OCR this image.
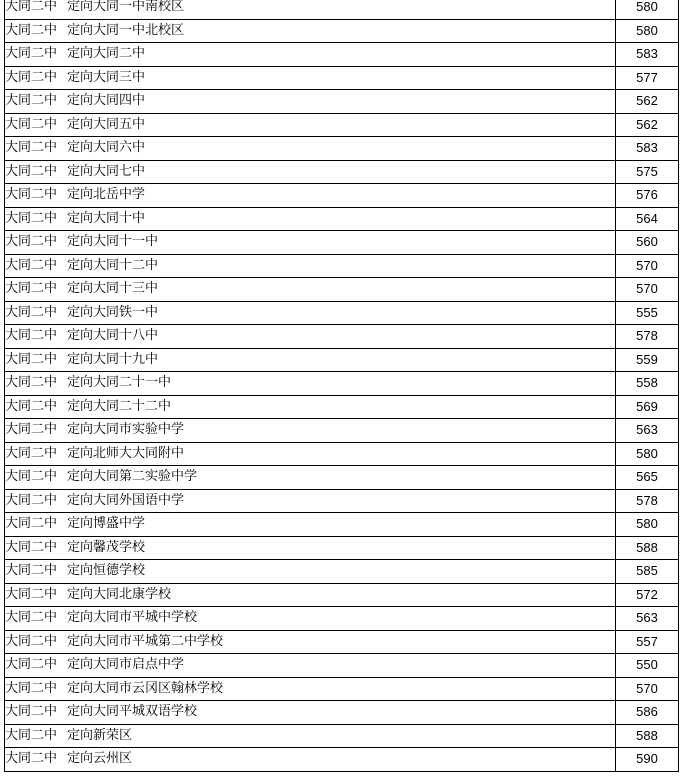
大同二中 定向大同一中南校区	580
大同二中 定向大同一中北校区	580
大同二中 定向大同二中	583
大同二中 定向大同三中	577
大同二中 定向大同四中	562
大同二中 定向大同五中	562
大同二中 定向大同六中	583
大同二中 定向大同七中	575
大同二中 定向北岳中学	576
大同二中 定向大同十中	564
大同二中 定向大同十一中	560
大同二中 定向大同十二中	570
大同二中 定向大同十三中	570
大同二中 定向大同铁一中	555
大同二中 定向大同十八中	578
大同二中 定向大同十九中	559
大同二中 定向大同二十一中	558
大同二中 定向大同二十二中	569
大同二中 定向大同市实验中学	563
大同二中 定向北师大大同附中	580
大同二中 定向大同第二实验中学	565
大同二中 定向大同外国语中学	578
大同二中 定向博盛中学	580
大同二中 定向馨茂学校	588
大同二中 定向恒德学校	585
大同二中 定向大同北康学校	572
大同二中 定向大同市平城中学校	563
大同二中 定向大同市平城第二中学校	557
大同二中 定向大同市启点中学	550
大同二中 定向大同市云冈区翰林学校	570
大同二中 定向大同平城双语学校	586
大同二中 定向新荣区	588
大同二中 定向云州区	590
